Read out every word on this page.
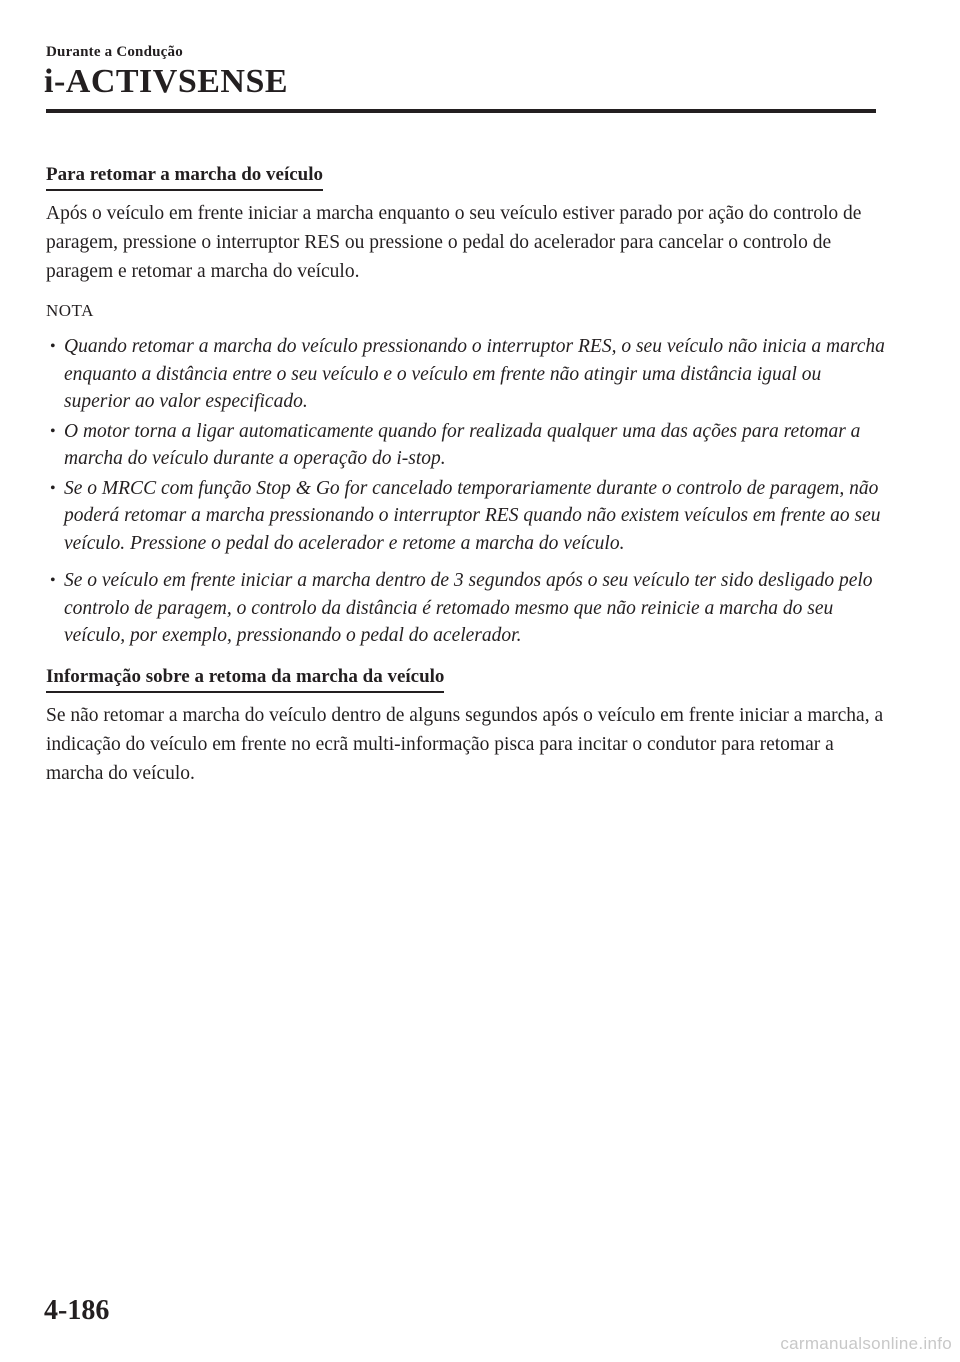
Durante a Condução
i-ACTIVSENSE
Para retomar a marcha do veículo

Após o veículo em frente iniciar a marcha enquanto o seu veículo estiver parado por ação do controlo de paragem, pressione o interruptor RES ou pressione o pedal do acelerador para cancelar o controlo de paragem e retomar a marcha do veículo.

NOTA
• Quando retomar a marcha do veículo pressionando o interruptor RES, o seu veículo não inicia a marcha enquanto a distância entre o seu veículo e o veículo em frente não atingir uma distância igual ou superior ao valor especificado.
• O motor torna a ligar automaticamente quando for realizada qualquer uma das ações para retomar a marcha do veículo durante a operação do i-stop.
• Se o MRCC com função Stop & Go for cancelado temporariamente durante o controlo de paragem, não poderá retomar a marcha pressionando o interruptor RES quando não existem veículos em frente ao seu veículo. Pressione o pedal do acelerador e retome a marcha do veículo.
• Se o veículo em frente iniciar a marcha dentro de 3 segundos após o seu veículo ter sido desligado pelo controlo de paragem, o controlo da distância é retomado mesmo que não reinicie a marcha do seu veículo, por exemplo, pressionando o pedal do acelerador.
Informação sobre a retoma da marcha da veículo

Se não retomar a marcha do veículo dentro de alguns segundos após o veículo em frente iniciar a marcha, a indicação do veículo em frente no ecrã multi-informação pisca para incitar o condutor para retomar a marcha do veículo.

4-186
carmanualsonline.info
